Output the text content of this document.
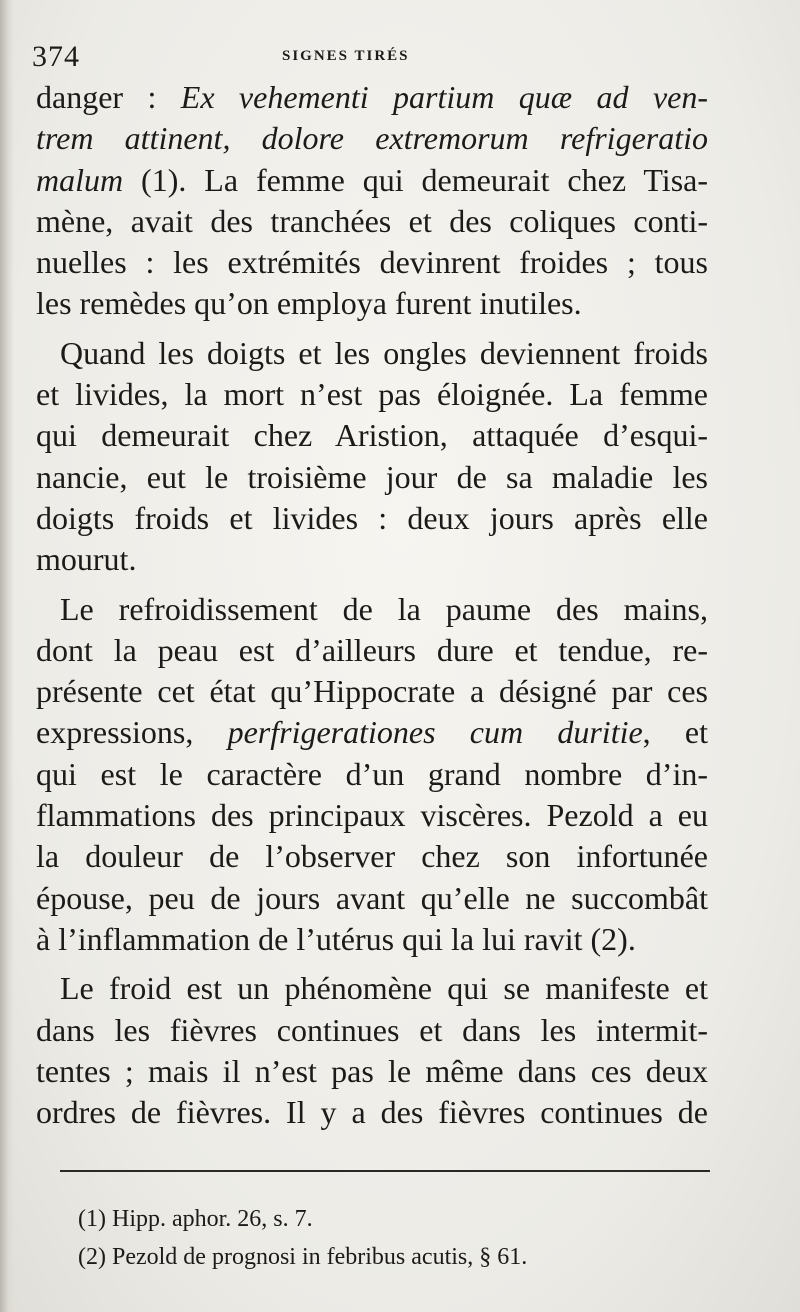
374	SIGNES TIRÉS

danger : Ex vehementi partium quæ ad ven-

trem attinent, dolore extremorum refrigeratio

malum (1). La femme qui demeurait chez Tisa-

mène, avait des tranchées et des coliques conti-

nuelles : les extrémités devinrent froides ; tous

les remèdes qu’on employa furent inutiles.

Quand les doigts et les ongles deviennent froids

et livides, la mort n’est pas éloignée. La femme

qui demeurait chez Aristion, attaquée d’esqui-

nancie, eut le troisième jour de sa maladie les

doigts froids et livides : deux jours après elle

mourut.

Le refroidissement de la paume des mains,

dont la peau est d’ailleurs dure et tendue, re-

présente cet état qu’Hippocrate a désigné par ces

expressions, perfrigerationes cum duritie, et

qui est le caractère d’un grand nombre d’in-

flammations des principaux viscères. Pezold a eu

la douleur de l’observer chez son infortunée

épouse, peu de jours avant qu’elle ne succombât

à l’inflammation de l’utérus qui la lui ravit (2).

Le froid est un phénomène qui se manifeste et

dans les fièvres continues et dans les intermit-

tentes ; mais il n’est pas le même dans ces deux

ordres de fièvres. Il y a des fièvres continues de

(1) Hipp. aphor. 26, s. 7.
(2) Pezold de prognosi in febribus acutis, § 61.
